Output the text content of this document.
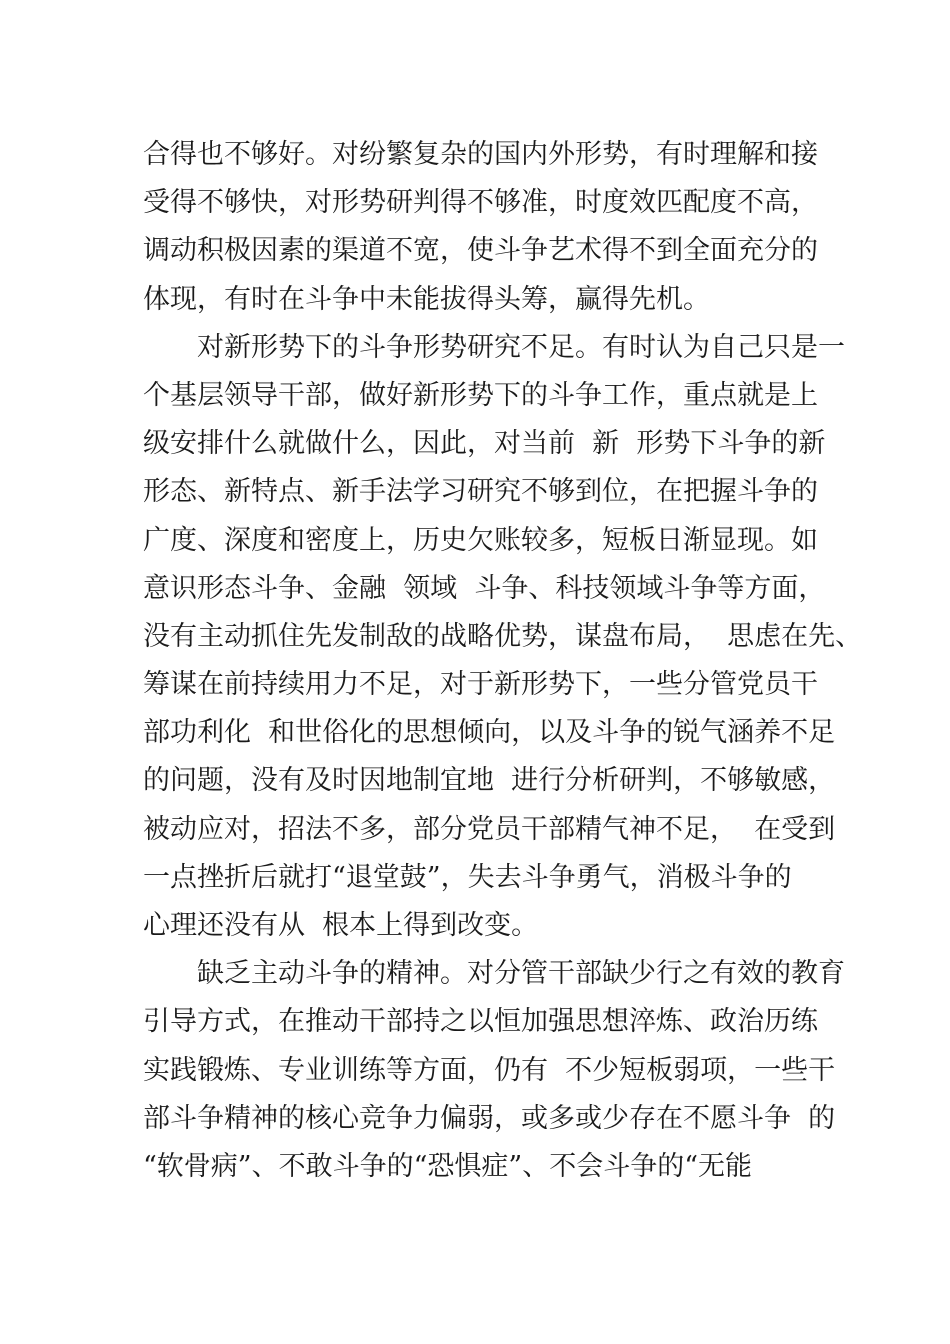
合得也不够好。对纷繁复杂的国内外形势，有时理解和接

受得不够快，对形势研判得不够准，时度效匹配度不高，

调动积极因素的渠道不宽，使斗争艺术得不到全面充分的

体现，有时在斗争中未能拔得头筹，赢得先机。

对新形势下的斗争形势研究不足。有时认为自己只是一

个基层领导干部，做好新形势下的斗争工作，重点就是上

级安排什么就做什么，因此，对当前  新  形势下斗争的新

形态、新特点、新手法学习研究不够到位，在把握斗争的

广度、深度和密度上，历史欠账较多，短板日渐显现。如

意识形态斗争、金融  领域  斗争、科技领域斗争等方面，

没有主动抓住先发制敌的战略优势，谋盘布局，  思虑在先、

筹谋在前持续用力不足，对于新形势下，一些分管党员干

部功利化  和世俗化的思想倾向，以及斗争的锐气涵养不足

的问题，没有及时因地制宜地  进行分析研判，不够敏感，

被动应对，招法不多，部分党员干部精气神不足，  在受到

一点挫折后就打“退堂鼓”，失去斗争勇气，消极斗争的

心理还没有从  根本上得到改变。

缺乏主动斗争的精神。对分管干部缺少行之有效的教育

引导方式，在推动干部持之以恒加强思想淬炼、政治历练

实践锻炼、专业训练等方面，仍有  不少短板弱项，一些干

部斗争精神的核心竞争力偏弱，或多或少存在不愿斗争  的

“软骨病”、不敢斗争的“恐惧症”、不会斗争的“无能
